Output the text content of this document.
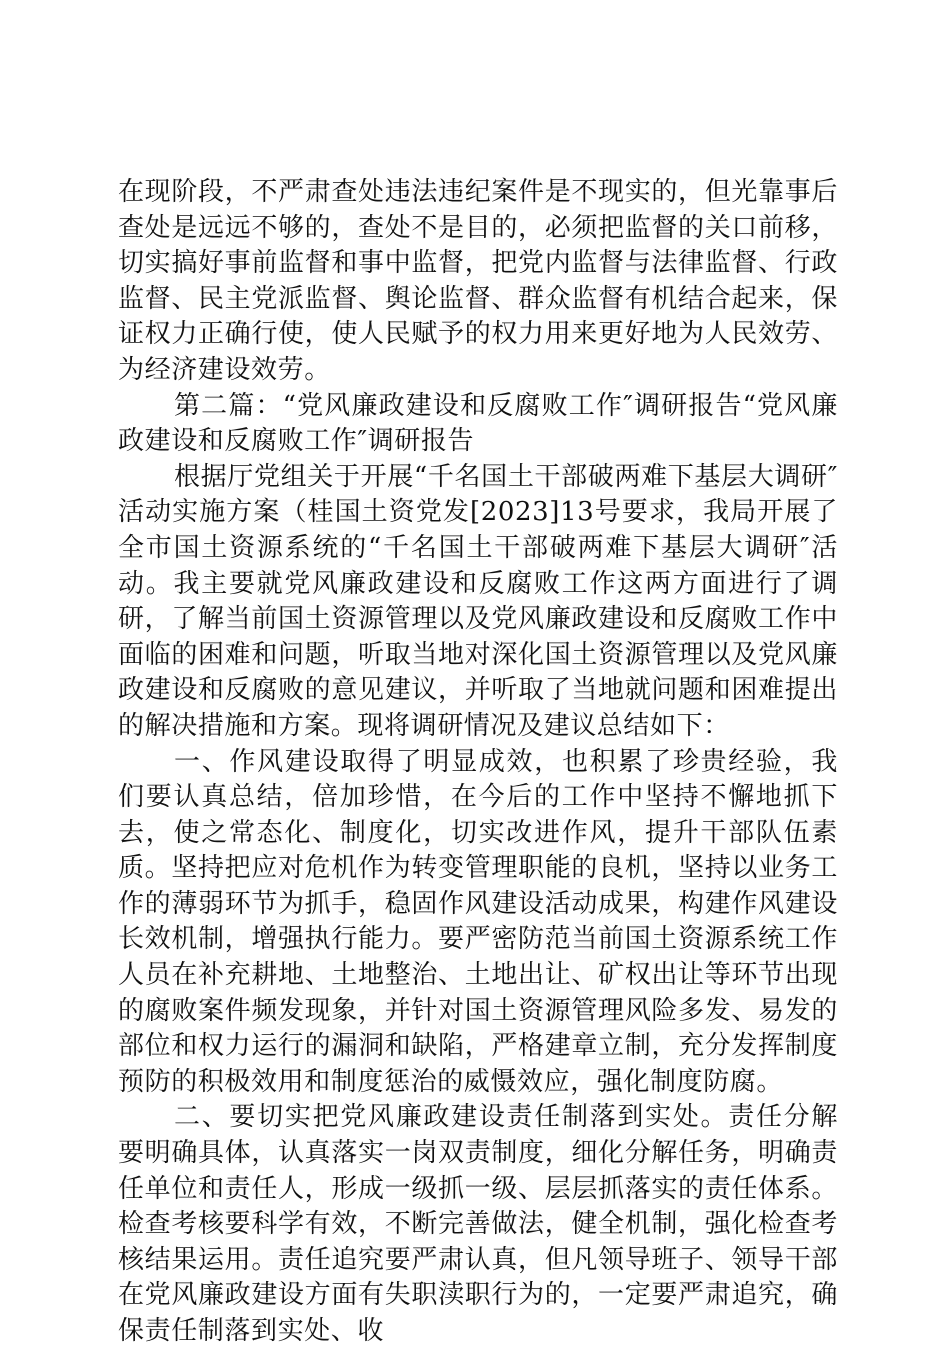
在现阶段，不严肃查处违法违纪案件是不现实的，但光靠事后查处是远远不够的，查处不是目的，必须把监督的关口前移，切实搞好事前监督和事中监督，把党内监督与法律监督、行政监督、民主党派监督、舆论监督、群众监督有机结合起来，保证权力正确行使，使人民赋予的权力用来更好地为人民效劳、为经济建设效劳。

第二篇：“党风廉政建设和反腐败工作″调研报告“党风廉政建设和反腐败工作″调研报告

根据厅党组关于开展“千名国土干部破两难下基层大调研″活动实施方案（桂国土资党发[2023]13号要求，我局开展了全市国土资源系统的“千名国土干部破两难下基层大调研″活动。我主要就党风廉政建设和反腐败工作这两方面进行了调研，了解当前国土资源管理以及党风廉政建设和反腐败工作中面临的困难和问题，听取当地对深化国土资源管理以及党风廉政建设和反腐败的意见建议，并听取了当地就问题和困难提出的解决措施和方案。现将调研情况及建议总结如下：

一、作风建设取得了明显成效，也积累了珍贵经验，我们要认真总结，倍加珍惜，在今后的工作中坚持不懈地抓下去，使之常态化、制度化，切实改进作风，提升干部队伍素质。坚持把应对危机作为转变管理职能的良机，坚持以业务工作的薄弱环节为抓手，稳固作风建设活动成果，构建作风建设长效机制，增强执行能力。要严密防范当前国土资源系统工作人员在补充耕地、土地整治、土地出让、矿权出让等环节出现的腐败案件频发现象，并针对国土资源管理风险多发、易发的部位和权力运行的漏洞和缺陷，严格建章立制，充分发挥制度预防的积极效用和制度惩治的威慑效应，强化制度防腐。

二、要切实把党风廉政建设责任制落到实处。责任分解要明确具体，认真落实一岗双责制度，细化分解任务，明确责任单位和责任人，形成一级抓一级、层层抓落实的责任体系。检查考核要科学有效，不断完善做法，健全机制，强化检查考核结果运用。责任追究要严肃认真，但凡领导班子、领导干部在党风廉政建设方面有失职渎职行为的，一定要严肃追究，确保责任制落到实处、收
